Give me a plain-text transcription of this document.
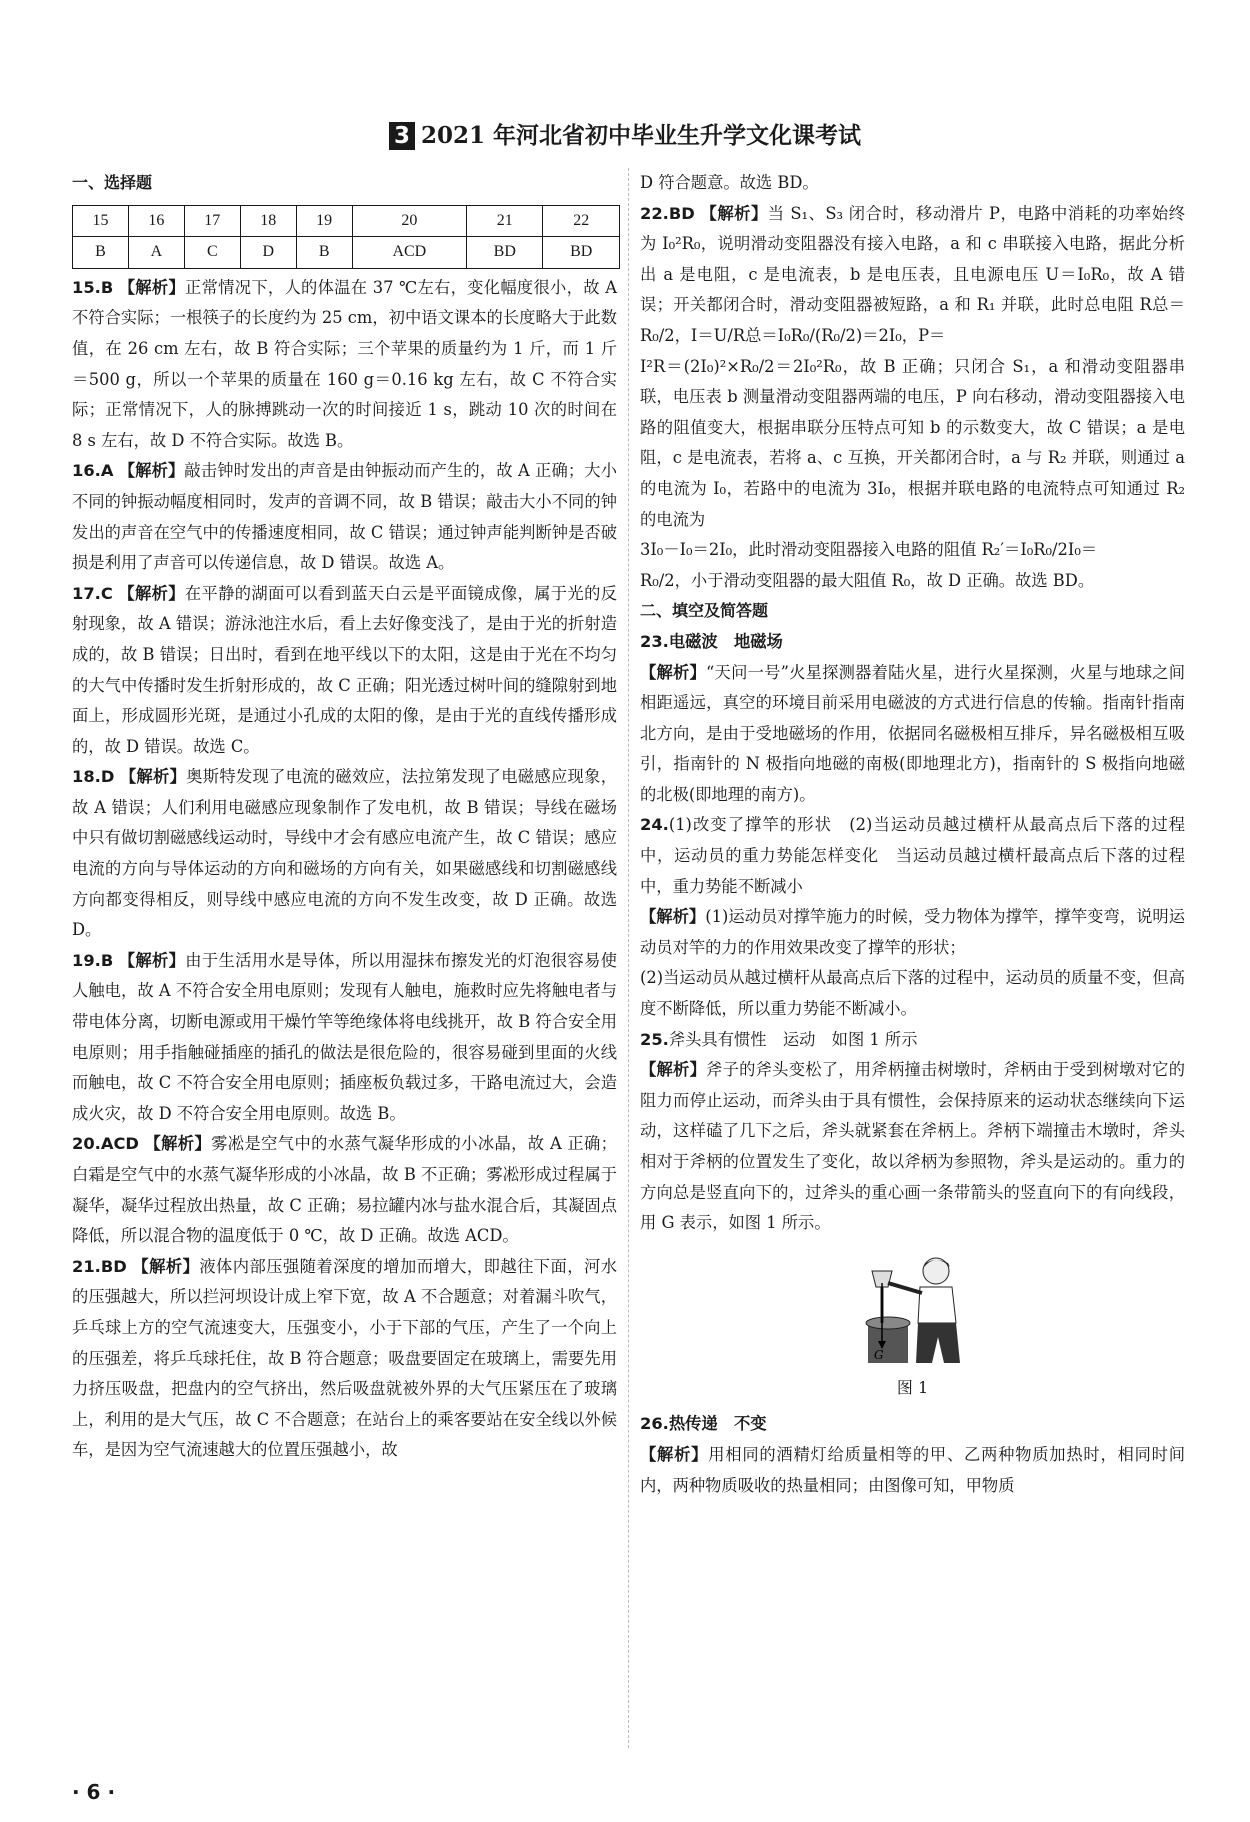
3 2021 年河北省初中毕业生升学文化课考试

一、选择题

15	16	17	18	19	20	21	22
B	A	C	D	B	ACD	BD	BD

15.B 【解析】正常情况下，人的体温在 37 ℃左右，变化幅度很小，故 A 不符合实际；一根筷子的长度约为 25 cm，初中语文课本的长度略大于此数值，在 26 cm 左右，故 B 符合实际；三个苹果的质量约为 1 斤，而 1 斤＝500 g，所以一个苹果的质量在 160 g＝0.16 kg 左右，故 C 不符合实际；正常情况下，人的脉搏跳动一次的时间接近 1 s，跳动 10 次的时间在 8 s 左右，故 D 不符合实际。故选 B。

16.A 【解析】敲击钟时发出的声音是由钟振动而产生的，故 A 正确；大小不同的钟振动幅度相同时，发声的音调不同，故 B 错误；敲击大小不同的钟发出的声音在空气中的传播速度相同，故 C 错误；通过钟声能判断钟是否破损是利用了声音可以传递信息，故 D 错误。故选 A。

17.C 【解析】在平静的湖面可以看到蓝天白云是平面镜成像，属于光的反射现象，故 A 错误；游泳池注水后，看上去好像变浅了，是由于光的折射造成的，故 B 错误；日出时，看到在地平线以下的太阳，这是由于光在不均匀的大气中传播时发生折射形成的，故 C 正确；阳光透过树叶间的缝隙射到地面上，形成圆形光斑，是通过小孔成的太阳的像，是由于光的直线传播形成的，故 D 错误。故选 C。

18.D 【解析】奥斯特发现了电流的磁效应，法拉第发现了电磁感应现象，故 A 错误；人们利用电磁感应现象制作了发电机，故 B 错误；导线在磁场中只有做切割磁感线运动时，导线中才会有感应电流产生，故 C 错误；感应电流的方向与导体运动的方向和磁场的方向有关，如果磁感线和切割磁感线方向都变得相反，则导线中感应电流的方向不发生改变，故 D 正确。故选 D。

19.B 【解析】由于生活用水是导体，所以用湿抹布擦发光的灯泡很容易使人触电，故 A 不符合安全用电原则；发现有人触电，施救时应先将触电者与带电体分离，切断电源或用干燥竹竿等绝缘体将电线挑开，故 B 符合安全用电原则；用手指触碰插座的插孔的做法是很危险的，很容易碰到里面的火线而触电，故 C 不符合安全用电原则；插座板负载过多，干路电流过大，会造成火灾，故 D 不符合安全用电原则。故选 B。

20.ACD 【解析】雾凇是空气中的水蒸气凝华形成的小冰晶，故 A 正确；白霜是空气中的水蒸气凝华形成的小冰晶，故 B 不正确；雾凇形成过程属于凝华，凝华过程放出热量，故 C 正确；易拉罐内冰与盐水混合后，其凝固点降低，所以混合物的温度低于 0 ℃，故 D 正确。故选 ACD。

21.BD 【解析】液体内部压强随着深度的增加而增大，即越往下面，河水的压强越大，所以拦河坝设计成上窄下宽，故 A 不合题意；对着漏斗吹气，乒乓球上方的空气流速变大，压强变小，小于下部的气压，产生了一个向上的压强差，将乒乓球托住，故 B 符合题意；吸盘要固定在玻璃上，需要先用力挤压吸盘，把盘内的空气挤出，然后吸盘就被外界的大气压紧压在了玻璃上，利用的是大气压，故 C 不合题意；在站台上的乘客要站在安全线以外候车，是因为空气流速越大的位置压强越小，故

D 符合题意。故选 BD。

22.BD 【解析】当 S₁、S₃ 闭合时，移动滑片 P，电路中消耗的功率始终为 I₀²R₀，说明滑动变阻器没有接入电路，a 和 c 串联接入电路，据此分析出 a 是电阻，c 是电流表，b 是电压表，且电源电压 U＝I₀R₀，故 A 错误；开关都闭合时，滑动变阻器被短路，a 和 R₁ 并联，此时总电阻 R总＝R₀/2，I＝U/R总＝I₀R₀/(R₀/2)＝2I₀，P＝

I²R＝(2I₀)²×R₀/2＝2I₀²R₀，故 B 正确；只闭合 S₁，a 和滑动变阻器串联，电压表 b 测量滑动变阻器两端的电压，P 向右移动，滑动变阻器接入电路的阻值变大，根据串联分压特点可知 b 的示数变大，故 C 错误；a 是电阻，c 是电流表，若将 a、c 互换，开关都闭合时，a 与 R₂ 并联，则通过 a 的电流为 I₀，若路中的电流为 3I₀，根据并联电路的电流特点可知通过 R₂ 的电流为

3I₀－I₀＝2I₀，此时滑动变阻器接入电路的阻值 R₂′＝I₀R₀/2I₀＝

R₀/2，小于滑动变阻器的最大阻值 R₀，故 D 正确。故选 BD。

二、填空及简答题

23.电磁波　地磁场

【解析】“天问一号”火星探测器着陆火星，进行火星探测，火星与地球之间相距遥远，真空的环境目前采用电磁波的方式进行信息的传输。指南针指南北方向，是由于受地磁场的作用，依据同名磁极相互排斥，异名磁极相互吸引，指南针的 N 极指向地磁的南极(即地理北方)，指南针的 S 极指向地磁的北极(即地理的南方)。

24.(1)改变了撑竿的形状　(2)当运动员越过横杆从最高点后下落的过程中，运动员的重力势能怎样变化　当运动员越过横杆最高点后下落的过程中，重力势能不断减小

【解析】(1)运动员对撑竿施力的时候，受力物体为撑竿，撑竿变弯，说明运动员对竿的力的作用效果改变了撑竿的形状；

(2)当运动员从越过横杆从最高点后下落的过程中，运动员的质量不变，但高度不断降低，所以重力势能不断减小。

25.斧头具有惯性　运动　如图 1 所示

【解析】斧子的斧头变松了，用斧柄撞击树墩时，斧柄由于受到树墩对它的阻力而停止运动，而斧头由于具有惯性，会保持原来的运动状态继续向下运动，这样磕了几下之后，斧头就紧套在斧柄上。斧柄下端撞击木墩时，斧头相对于斧柄的位置发生了变化，故以斧柄为参照物，斧头是运动的。重力的方向总是竖直向下的，过斧头的重心画一条带箭头的竖直向下的有向线段，用 G 表示，如图 1 所示。

G
图 1

26.热传递　不变

【解析】用相同的酒精灯给质量相等的甲、乙两种物质加热时，相同时间内，两种物质吸收的热量相同；由图像可知，甲物质

· 6 ·
